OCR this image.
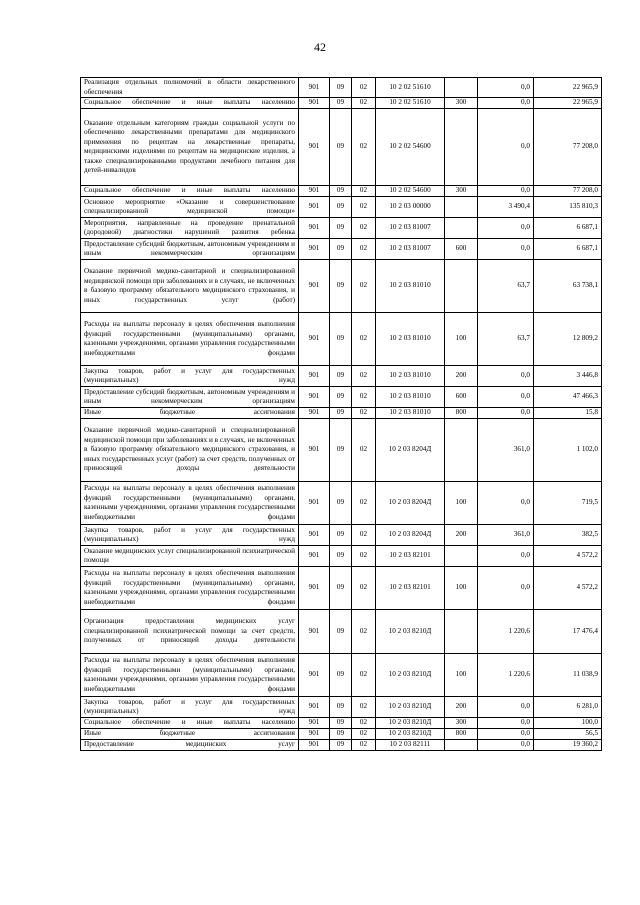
42
Реализация отдельных полномочий в области лекарственного обеспечения	901	09	02	10 2 02 51610		0,0	22 965,9
Социальное обеспечение и иные выплаты населению	901	09	02	10 2 02 51610	300	0,0	22 965,9
Оказание отдельным категориям граждан социальной услуги по обеспечению лекарственными препаратами для медицинского применения по рецептам на лекарственные препараты, медицинскими изделиями по рецептам на медицинские изделия, а также специализированными продуктами лечебного питания для детей-инвалидов	901	09	02	10 2 02 54600		0,0	77 208,0
Социальное обеспечение и иные выплаты населению	901	09	02	10 2 02 54600	300	0,0	77 208,0
Основное мероприятие «Оказание и совершенствование специализированной медицинской помощи»	901	09	02	10 2 03 00000		3 490,4	135 810,3
Мероприятия, направленные на проведение пренатальной (дородовой) диагностики нарушений развития ребенка	901	09	02	10 2 03 81007		0,0	6 687,1
Предоставление субсидий бюджетным, автономным учреждениям и иным некоммерческим организациям	901	09	02	10 2 03 81007	600	0,0	6 687,1
Оказание первичной медико-санитарной и специализированной медицинской помощи при заболеваниях и в случаях, не включенных в базовую программу обязательного медицинского страхования, и иных государственных услуг (работ)	901	09	02	10 2 03 81010		63,7	63 738,1
Расходы на выплаты персоналу в целях обеспечения выполнения функций государственными (муниципальными) органами, казенными учреждениями, органами управления государственными внебюджетными фондами	901	09	02	10 2 03 81010	100	63,7	12 809,2
Закупка товаров, работ и услуг для государственных (муниципальных) нужд	901	09	02	10 2 03 81010	200	0,0	3 446,8
Предоставление субсидий бюджетным, автономным учреждениям и иным некоммерческим организациям	901	09	02	10 2 03 81010	600	0,0	47 466,3
Иные бюджетные ассигнования	901	09	02	10 2 03 81010	800	0,0	15,8
Оказание первичной медико-санитарной и специализированной медицинской помощи при заболеваниях и в случаях, не включенных в базовую программу обязательного медицинского страхования, и иных государственных услуг (работ) за счет средств, полученных от приносящей доходы деятельности	901	09	02	10 2 03 8204Д		361,0	1 102,0
Расходы на выплаты персоналу в целях обеспечения выполнения функций государственными (муниципальными) органами, казенными учреждениями, органами управления государственными внебюджетными фондами	901	09	02	10 2 03 8204Д	100	0,0	719,5
Закупка товаров, работ и услуг для государственных (муниципальных) нужд	901	09	02	10 2 03 8204Д	200	361,0	382,5
Оказание медицинских услуг специализированной психиатрической помощи	901	09	02	10 2 03 82101		0,0	4 572,2
Расходы на выплаты персоналу в целях обеспечения выполнения функций государственными (муниципальными) органами, казенными учреждениями, органами управления государственными внебюджетными фондами	901	09	02	10 2 03 82101	100	0,0	4 572,2
Организация предоставления медицинских услуг специализированной психиатрической помощи за счет средств, полученных от приносящей доходы деятельности	901	09	02	10 2 03 8210Д		1 220,6	17 476,4
Расходы на выплаты персоналу в целях обеспечения выполнения функций государственными (муниципальными) органами, казенными учреждениями, органами управления государственными внебюджетными фондами	901	09	02	10 2 03 8210Д	100	1 220,6	11 038,9
Закупка товаров, работ и услуг для государственных (муниципальных) нужд	901	09	02	10 2 03 8210Д	200	0,0	6 281,0
Социальное обеспечение и иные выплаты населению	901	09	02	10 2 03 8210Д	300	0,0	100,0
Иные бюджетные ассигнования	901	09	02	10 2 03 8210Д	800	0,0	56,5
Предоставление медицинских услуг	901	09	02	10 2 03 82111		0,0	19 360,2
